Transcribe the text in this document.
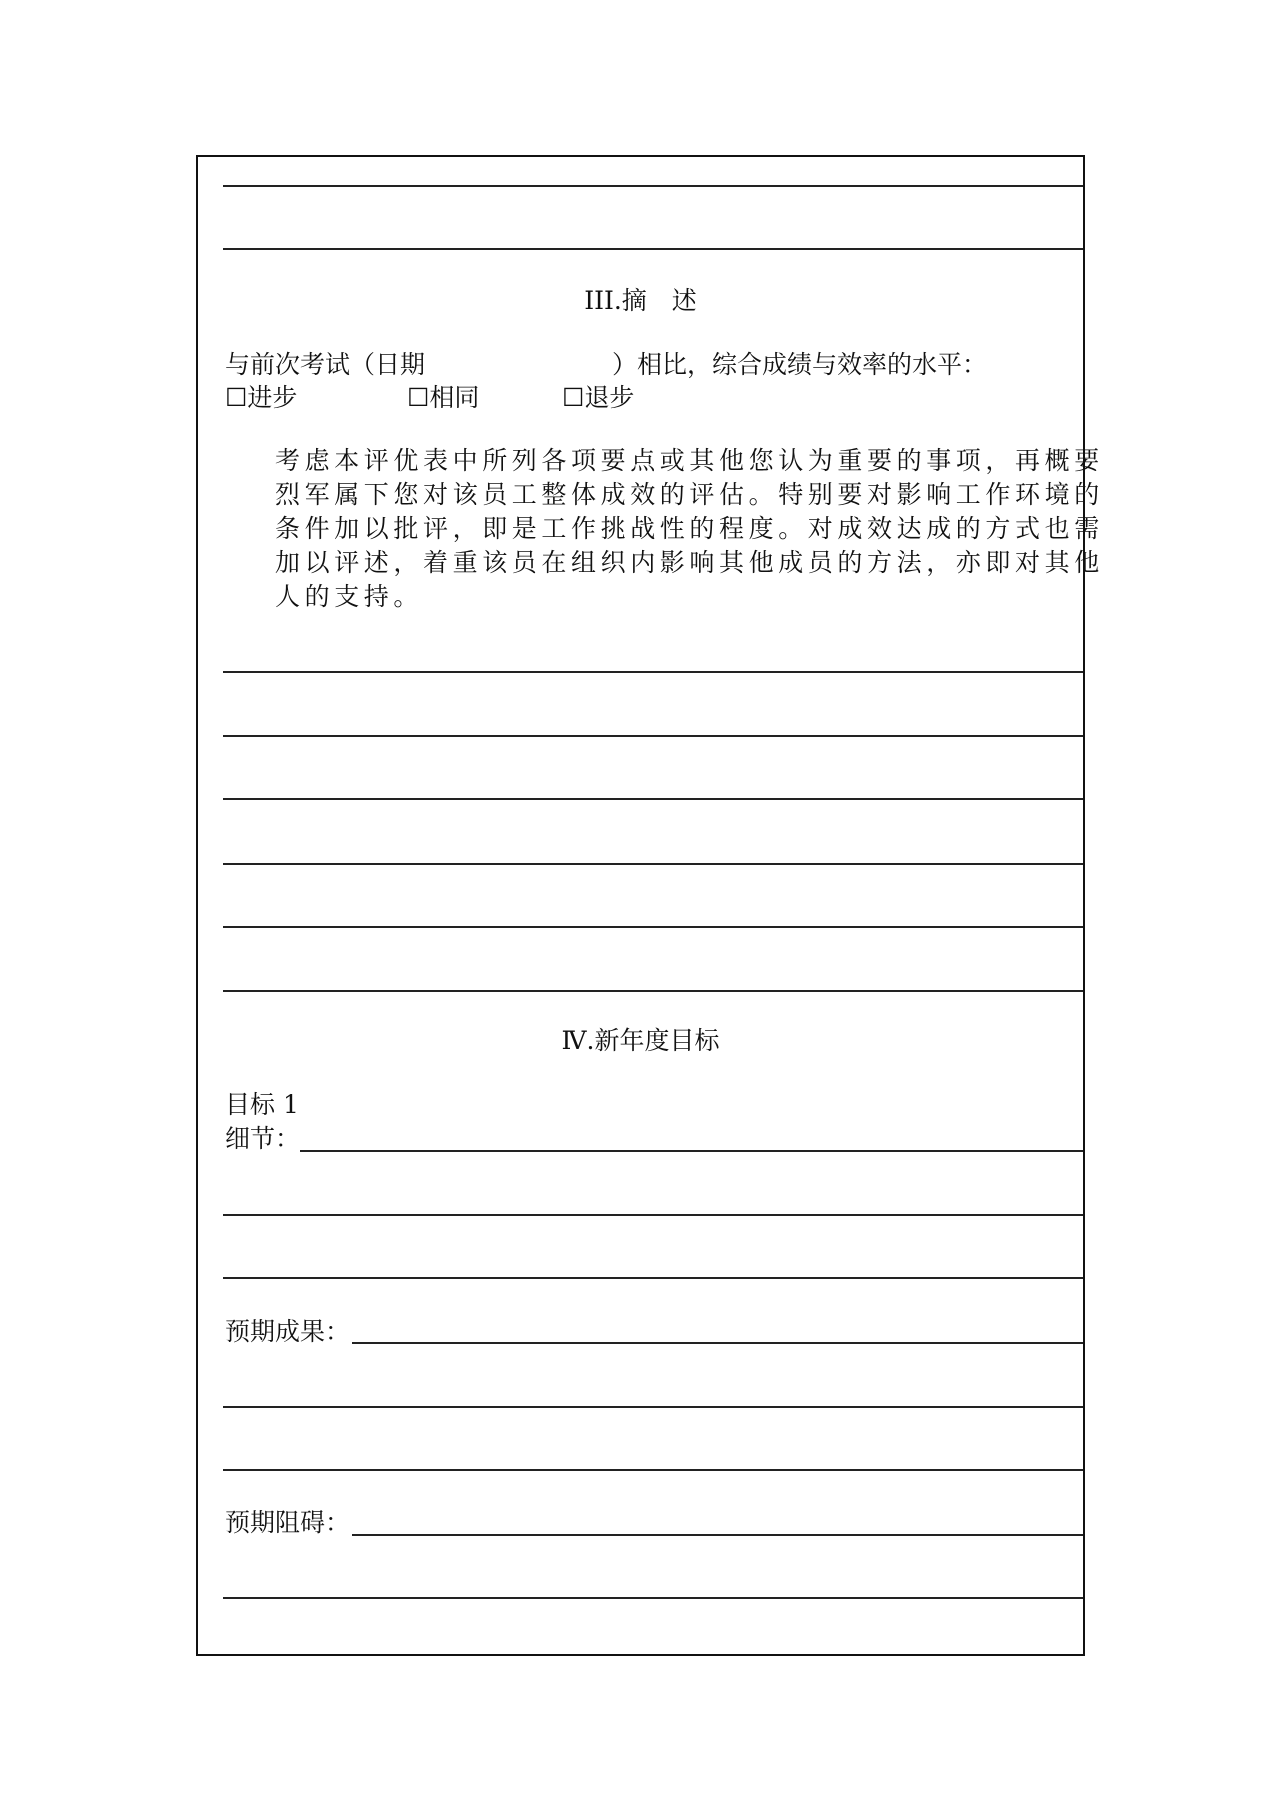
III.摘　述
与前次考试（日期	）相比，综合成绩与效率的水平：
☐进步	☐相同	☐退步
考虑本评优表中所列各项要点或其他您认为重要的事项，再概要
烈军属下您对该员工整体成效的评估。特别要对影响工作环境的
条件加以批评，即是工作挑战性的程度。对成效达成的方式也需
加以评述，着重该员在组织内影响其他成员的方法，亦即对其他
人的支持。
Ⅳ.新年度目标
目标 1
细节：
预期成果：
预期阻碍：
